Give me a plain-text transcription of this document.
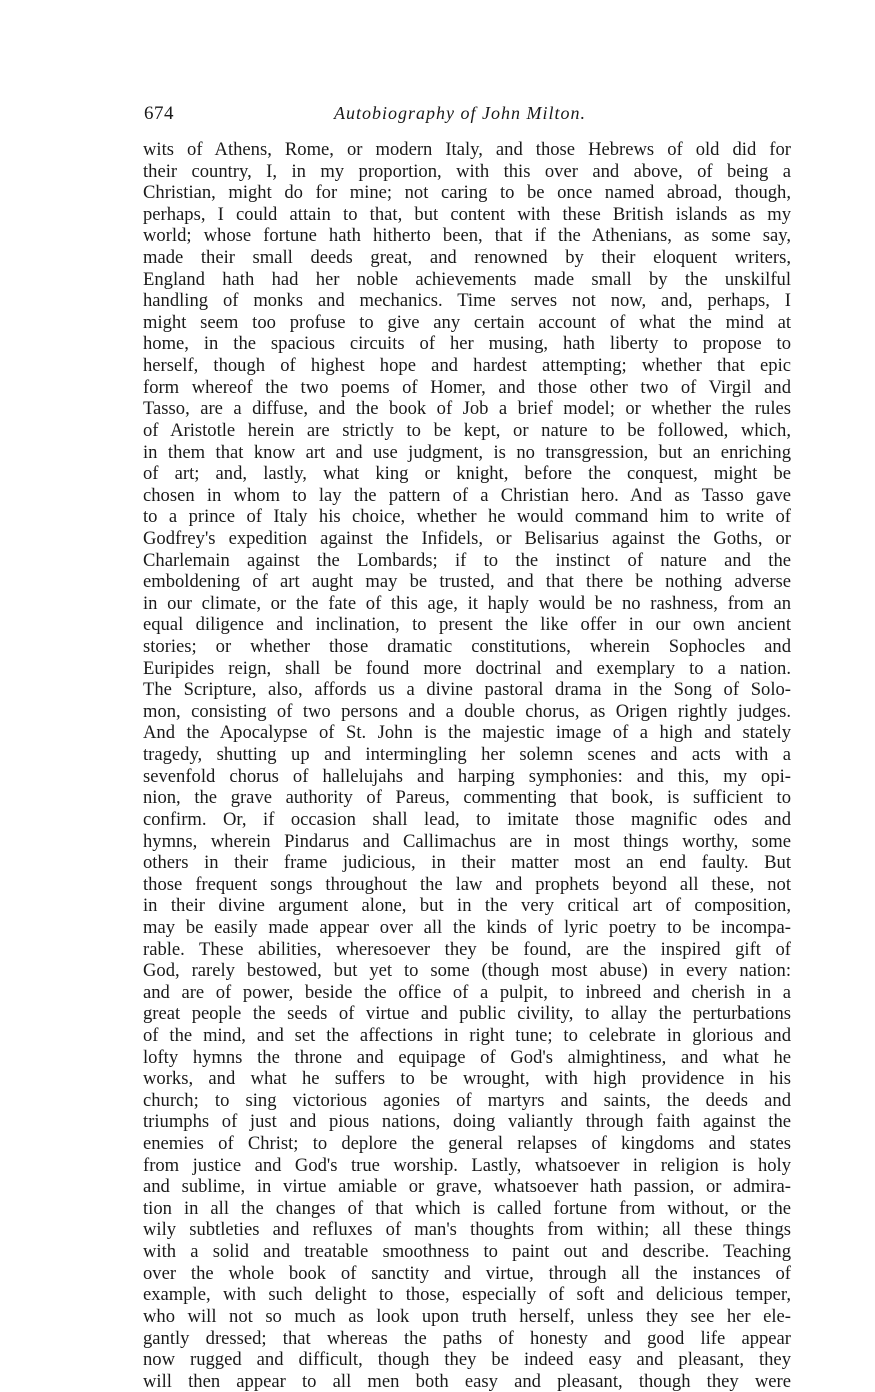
674	Autobiography of John Milton.
wits of Athens, Rome, or modern Italy, and those Hebrews of old did for
their country, I, in my proportion, with this over and above, of being a
Christian, might do for mine; not caring to be once named abroad, though,
perhaps, I could attain to that, but content with these British islands as my
world; whose fortune hath hitherto been, that if the Athenians, as some say,
made their small deeds great, and renowned by their eloquent writers,
England hath had her noble achievements made small by the unskilful
handling of monks and mechanics. Time serves not now, and, perhaps, I
might seem too profuse to give any certain account of what the mind at
home, in the spacious circuits of her musing, hath liberty to propose to
herself, though of highest hope and hardest attempting; whether that epic
form whereof the two poems of Homer, and those other two of Virgil and
Tasso, are a diffuse, and the book of Job a brief model; or whether the rules
of Aristotle herein are strictly to be kept, or nature to be followed, which,
in them that know art and use judgment, is no transgression, but an enriching
of art; and, lastly, what king or knight, before the conquest, might be
chosen in whom to lay the pattern of a Christian hero. And as Tasso gave
to a prince of Italy his choice, whether he would command him to write of
Godfrey's expedition against the Infidels, or Belisarius against the Goths, or
Charlemain against the Lombards; if to the instinct of nature and the
emboldening of art aught may be trusted, and that there be nothing adverse
in our climate, or the fate of this age, it haply would be no rashness, from an
equal diligence and inclination, to present the like offer in our own ancient
stories; or whether those dramatic constitutions, wherein Sophocles and
Euripides reign, shall be found more doctrinal and exemplary to a nation.
The Scripture, also, affords us a divine pastoral drama in the Song of Solo-
mon, consisting of two persons and a double chorus, as Origen rightly judges.
And the Apocalypse of St. John is the majestic image of a high and stately
tragedy, shutting up and intermingling her solemn scenes and acts with a
sevenfold chorus of hallelujahs and harping symphonies: and this, my opi-
nion, the grave authority of Pareus, commenting that book, is sufficient to
confirm. Or, if occasion shall lead, to imitate those magnific odes and
hymns, wherein Pindarus and Callimachus are in most things worthy, some
others in their frame judicious, in their matter most an end faulty. But
those frequent songs throughout the law and prophets beyond all these, not
in their divine argument alone, but in the very critical art of composition,
may be easily made appear over all the kinds of lyric poetry to be incompa-
rable. These abilities, wheresoever they be found, are the inspired gift of
God, rarely bestowed, but yet to some (though most abuse) in every nation:
and are of power, beside the office of a pulpit, to inbreed and cherish in a
great people the seeds of virtue and public civility, to allay the perturbations
of the mind, and set the affections in right tune; to celebrate in glorious and
lofty hymns the throne and equipage of God's almightiness, and what he
works, and what he suffers to be wrought, with high providence in his
church; to sing victorious agonies of martyrs and saints, the deeds and
triumphs of just and pious nations, doing valiantly through faith against the
enemies of Christ; to deplore the general relapses of kingdoms and states
from justice and God's true worship. Lastly, whatsoever in religion is holy
and sublime, in virtue amiable or grave, whatsoever hath passion, or admira-
tion in all the changes of that which is called fortune from without, or the
wily subtleties and refluxes of man's thoughts from within; all these things
with a solid and treatable smoothness to paint out and describe. Teaching
over the whole book of sanctity and virtue, through all the instances of
example, with such delight to those, especially of soft and delicious temper,
who will not so much as look upon truth herself, unless they see her ele-
gantly dressed; that whereas the paths of honesty and good life appear
now rugged and difficult, though they be indeed easy and pleasant, they
will then appear to all men both easy and pleasant, though they were
